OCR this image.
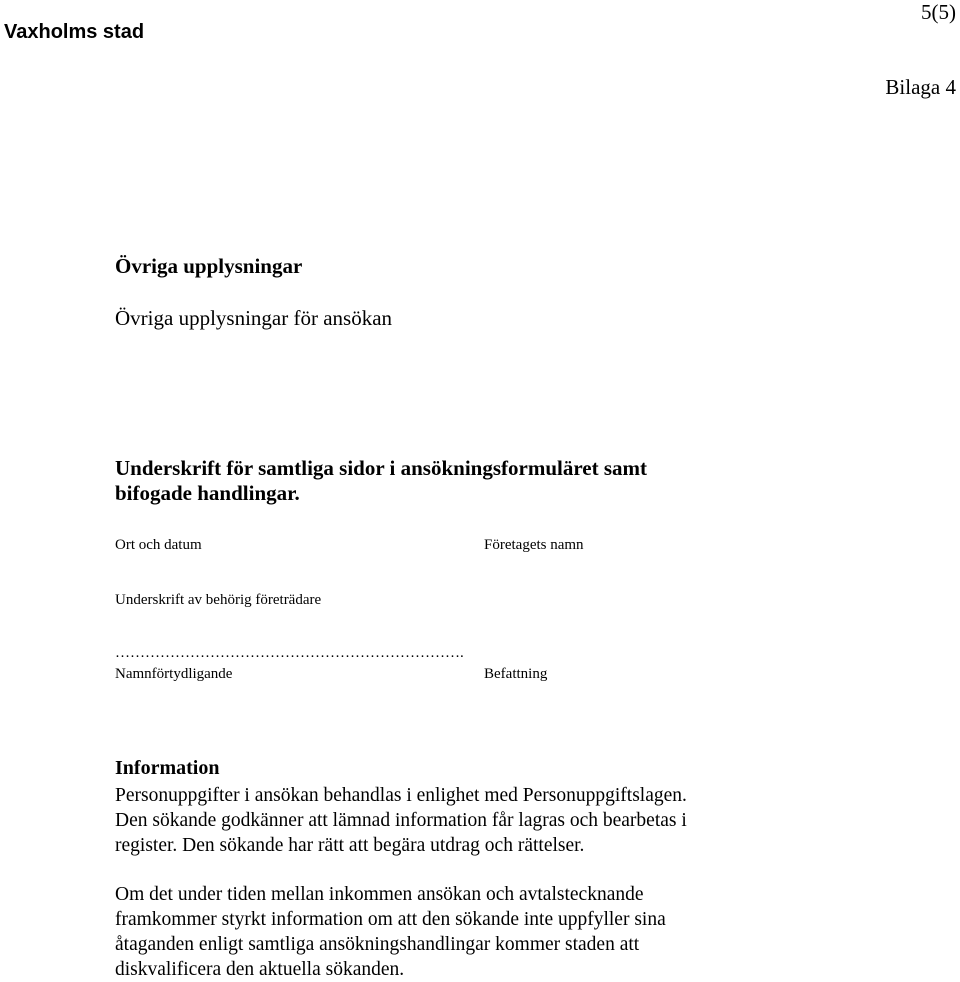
Vaxholms stad
5(5)
Bilaga 4
Övriga upplysningar
Övriga upplysningar för ansökan
Underskrift för samtliga sidor i ansökningsformuläret samt
bifogade handlingar.
Ort och datum	Företagets namn
Underskrift av behörig företrädare
…………………………………………………………….
Namnförtydligande	Befattning
Information
Personuppgifter i ansökan behandlas i enlighet med Personuppgiftslagen.
Den sökande godkänner att lämnad information får lagras och bearbetas i
register. Den sökande har rätt att begära utdrag och rättelser.
Om det under tiden mellan inkommen ansökan och avtalstecknande
framkommer styrkt information om att den sökande inte uppfyller sina
åtaganden enligt samtliga ansökningshandlingar kommer staden att
diskvalificera den aktuella sökanden.
